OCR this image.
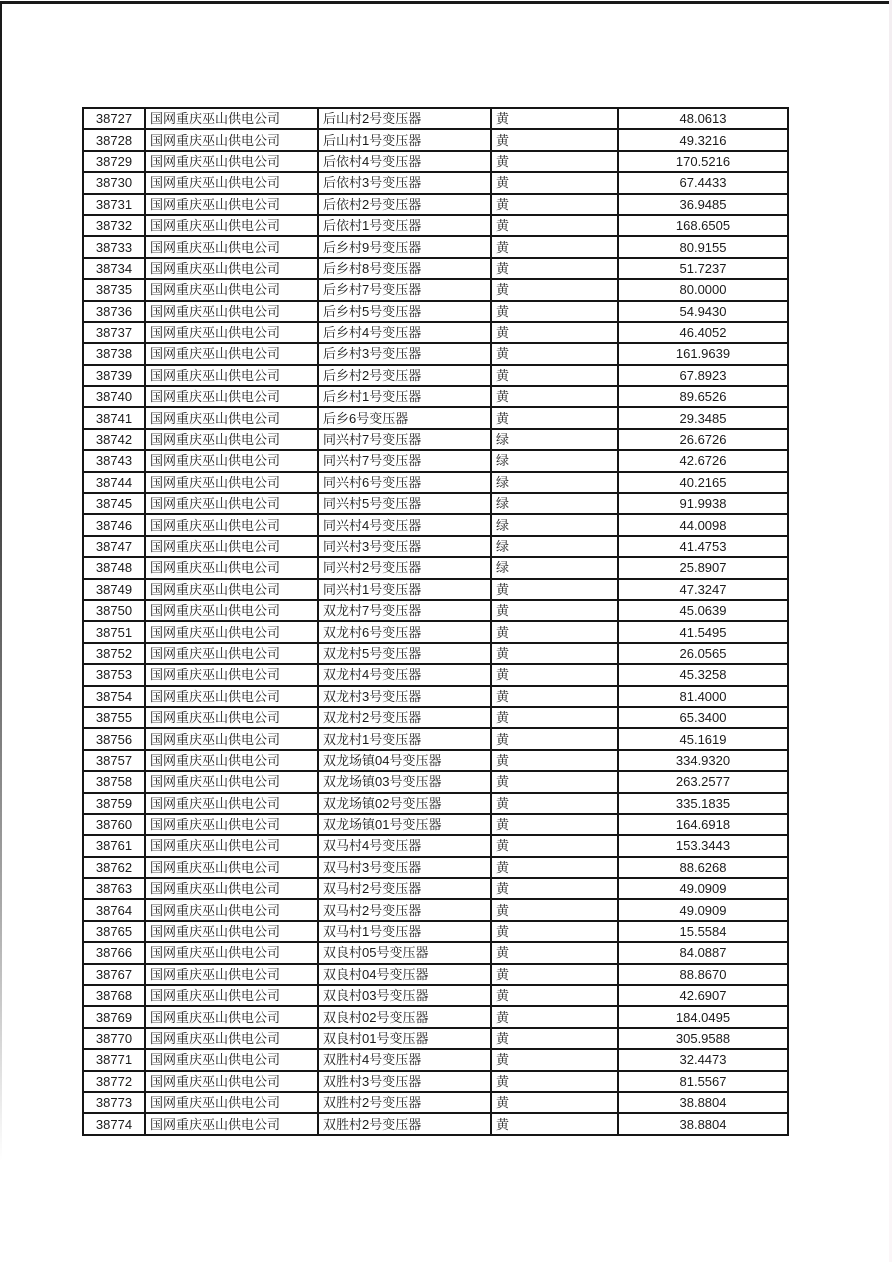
38727	国网重庆巫山供电公司	后山村2号变压器	黄	48.0613
38728	国网重庆巫山供电公司	后山村1号变压器	黄	49.3216
38729	国网重庆巫山供电公司	后依村4号变压器	黄	170.5216
38730	国网重庆巫山供电公司	后依村3号变压器	黄	67.4433
38731	国网重庆巫山供电公司	后依村2号变压器	黄	36.9485
38732	国网重庆巫山供电公司	后依村1号变压器	黄	168.6505
38733	国网重庆巫山供电公司	后乡村9号变压器	黄	80.9155
38734	国网重庆巫山供电公司	后乡村8号变压器	黄	51.7237
38735	国网重庆巫山供电公司	后乡村7号变压器	黄	80.0000
38736	国网重庆巫山供电公司	后乡村5号变压器	黄	54.9430
38737	国网重庆巫山供电公司	后乡村4号变压器	黄	46.4052
38738	国网重庆巫山供电公司	后乡村3号变压器	黄	161.9639
38739	国网重庆巫山供电公司	后乡村2号变压器	黄	67.8923
38740	国网重庆巫山供电公司	后乡村1号变压器	黄	89.6526
38741	国网重庆巫山供电公司	后乡6号变压器	黄	29.3485
38742	国网重庆巫山供电公司	同兴村7号变压器	绿	26.6726
38743	国网重庆巫山供电公司	同兴村7号变压器	绿	42.6726
38744	国网重庆巫山供电公司	同兴村6号变压器	绿	40.2165
38745	国网重庆巫山供电公司	同兴村5号变压器	绿	91.9938
38746	国网重庆巫山供电公司	同兴村4号变压器	绿	44.0098
38747	国网重庆巫山供电公司	同兴村3号变压器	绿	41.4753
38748	国网重庆巫山供电公司	同兴村2号变压器	绿	25.8907
38749	国网重庆巫山供电公司	同兴村1号变压器	黄	47.3247
38750	国网重庆巫山供电公司	双龙村7号变压器	黄	45.0639
38751	国网重庆巫山供电公司	双龙村6号变压器	黄	41.5495
38752	国网重庆巫山供电公司	双龙村5号变压器	黄	26.0565
38753	国网重庆巫山供电公司	双龙村4号变压器	黄	45.3258
38754	国网重庆巫山供电公司	双龙村3号变压器	黄	81.4000
38755	国网重庆巫山供电公司	双龙村2号变压器	黄	65.3400
38756	国网重庆巫山供电公司	双龙村1号变压器	黄	45.1619
38757	国网重庆巫山供电公司	双龙场镇04号变压器	黄	334.9320
38758	国网重庆巫山供电公司	双龙场镇03号变压器	黄	263.2577
38759	国网重庆巫山供电公司	双龙场镇02号变压器	黄	335.1835
38760	国网重庆巫山供电公司	双龙场镇01号变压器	黄	164.6918
38761	国网重庆巫山供电公司	双马村4号变压器	黄	153.3443
38762	国网重庆巫山供电公司	双马村3号变压器	黄	88.6268
38763	国网重庆巫山供电公司	双马村2号变压器	黄	49.0909
38764	国网重庆巫山供电公司	双马村2号变压器	黄	49.0909
38765	国网重庆巫山供电公司	双马村1号变压器	黄	15.5584
38766	国网重庆巫山供电公司	双良村05号变压器	黄	84.0887
38767	国网重庆巫山供电公司	双良村04号变压器	黄	88.8670
38768	国网重庆巫山供电公司	双良村03号变压器	黄	42.6907
38769	国网重庆巫山供电公司	双良村02号变压器	黄	184.0495
38770	国网重庆巫山供电公司	双良村01号变压器	黄	305.9588
38771	国网重庆巫山供电公司	双胜村4号变压器	黄	32.4473
38772	国网重庆巫山供电公司	双胜村3号变压器	黄	81.5567
38773	国网重庆巫山供电公司	双胜村2号变压器	黄	38.8804
38774	国网重庆巫山供电公司	双胜村2号变压器	黄	38.8804
